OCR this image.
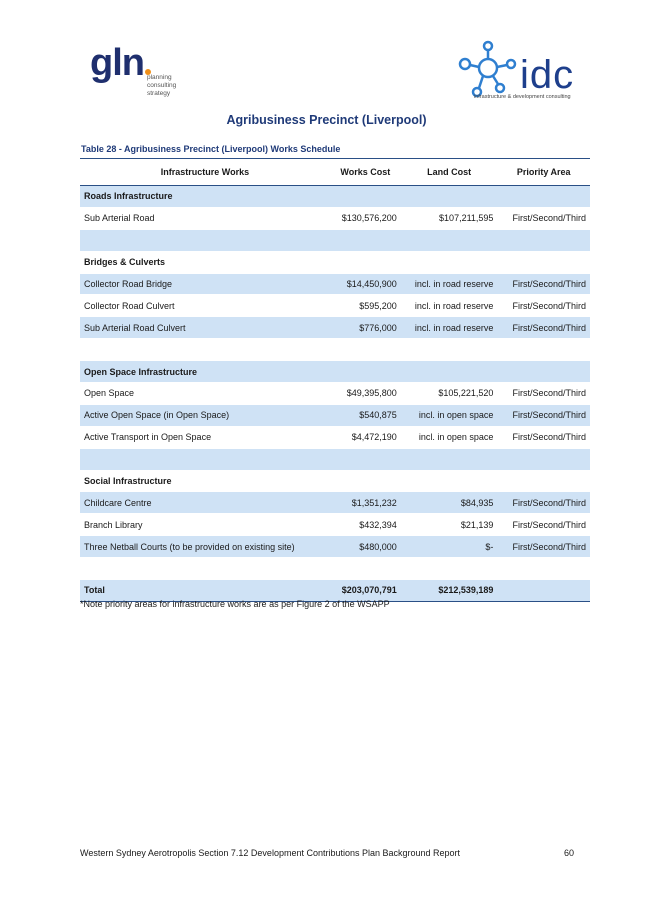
gln planning
consulting
strategy	idc
infrastructure & development consulting
Agribusiness Precinct (Liverpool)
Table 28 - Agribusiness Precinct (Liverpool) Works Schedule
Infrastructure Works	Works Cost	Land Cost	Priority Area
Roads Infrastructure			
Sub Arterial Road	$130,576,200	$107,211,595	First/Second/Third

Bridges & Culverts			
Collector Road Bridge	$14,450,900	incl. in road reserve	First/Second/Third
Collector Road Culvert	$595,200	incl. in road reserve	First/Second/Third
Sub Arterial Road Culvert	$776,000	incl. in road reserve	First/Second/Third

Open Space Infrastructure			
Open Space	$49,395,800	$105,221,520	First/Second/Third
Active Open Space (in Open Space)	$540,875	incl. in open space	First/Second/Third
Active Transport in Open Space	$4,472,190	incl. in open space	First/Second/Third

Social Infrastructure			
Childcare Centre	$1,351,232	$84,935	First/Second/Third
Branch Library	$432,394	$21,139	First/Second/Third
Three Netball Courts (to be provided on existing site)	$480,000	$-	First/Second/Third

Total	$203,070,791	$212,539,189	
*Note priority areas for infrastructure works are as per Figure 2 of the WSAPP
Western Sydney Aerotropolis Section 7.12 Development Contributions Plan Background Report	60
